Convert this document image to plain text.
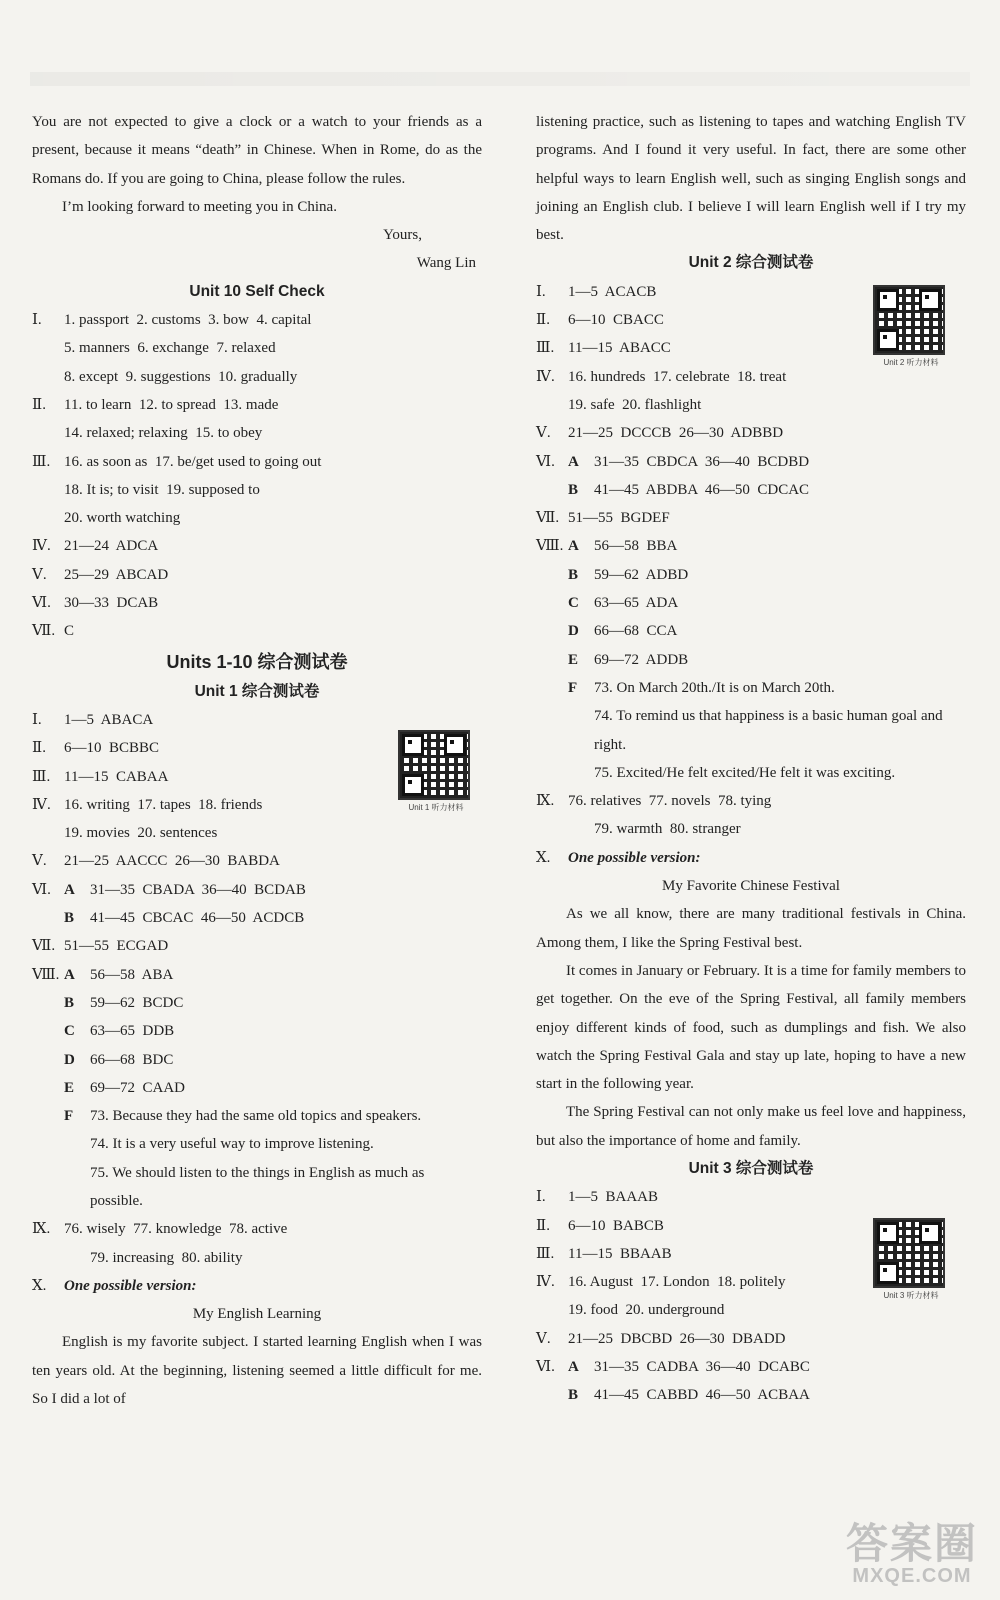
You are not expected to give a clock or a watch to your friends as a present, because it means “death” in Chinese. When in Rome, do as the Romans do. If you are going to China, please follow the rules.
I’m looking forward to meeting you in China.
Yours,
Wang Lin
Unit 10 Self Check
Ⅰ. 1. passport  2. customs  3. bow  4. capital
5. manners  6. exchange  7. relaxed
8. except  9. suggestions  10. gradually
Ⅱ. 11. to learn  12. to spread  13. made
14. relaxed; relaxing  15. to obey
Ⅲ. 16. as soon as  17. be/get used to going out
18. It is; to visit  19. supposed to
20. worth watching
Ⅳ. 21—24  ADCA
Ⅴ. 25—29  ABCAD
Ⅵ. 30—33  DCAB
Ⅶ. C
Units 1-10 综合测试卷
Unit 1 综合测试卷
Ⅰ. 1—5  ABACA
Ⅱ. 6—10  BCBBC
Ⅲ. 11—15  CABAA
Ⅳ. 16. writing  17. tapes  18. friends
19. movies  20. sentences
Ⅴ. 21—25  AACCC  26—30  BABDA
Ⅵ. A 31—35  CBADA  36—40  BCDAB
B 41—45  CBCAC  46—50  ACDCB
Ⅶ. 51—55  ECGAD
Ⅷ. A 56—58  ABA
B 59—62  BCDC
C 63—65  DDB
D 66—68  BDC
E 69—72  CAAD
F 73. Because they had the same old topics and speakers.
74. It is a very useful way to improve listening.
75. We should listen to the things in English as much as
possible.
Ⅸ. 76. wisely  77. knowledge  78. active
79. increasing  80. ability
Ⅹ. One possible version:
My English Learning
English is my favorite subject. I started learning English when I was ten years old. At the beginning, listening seemed a little difficult for me. So I did a lot of
Unit 1 听力材料
listening practice, such as listening to tapes and watching English TV programs. And I found it very useful. In fact, there are some other helpful ways to learn English well, such as singing English songs and joining an English club. I believe I will learn English well if I try my best.
Unit 2 综合测试卷
Ⅰ. 1—5  ACACB
Ⅱ. 6—10  CBACC
Ⅲ. 11—15  ABACC
Ⅳ. 16. hundreds  17. celebrate  18. treat
19. safe  20. flashlight
Ⅴ. 21—25  DCCCB  26—30  ADBBD
Ⅵ. A 31—35  CBDCA  36—40  BCDBD
B 41—45  ABDBA  46—50  CDCAC
Ⅶ. 51—55  BGDEF
Ⅷ. A 56—58  BBA
B 59—62  ADBD
C 63—65  ADA
D 66—68  CCA
E 69—72  ADDB
F 73. On March 20th./It is on March 20th.
74. To remind us that happiness is a basic human goal and
right.
75. Excited/He felt excited/He felt it was exciting.
Ⅸ. 76. relatives  77. novels  78. tying
79. warmth  80. stranger
Ⅹ. One possible version:
My Favorite Chinese Festival
As we all know, there are many traditional festivals in China. Among them, I like the Spring Festival best.
It comes in January or February. It is a time for family members to get together. On the eve of the Spring Festival, all family members enjoy different kinds of food, such as dumplings and fish. We also watch the Spring Festival Gala and stay up late, hoping to have a new start in the following year.
The Spring Festival can not only make us feel love and happiness, but also the importance of home and family.
Unit 3 综合测试卷
Ⅰ. 1—5  BAAAB
Ⅱ. 6—10  BABCB
Ⅲ. 11—15  BBAAB
Ⅳ. 16. August  17. London  18. politely
19. food  20. underground
Ⅴ. 21—25  DBCBD  26—30  DBADD
Ⅵ. A 31—35  CADBA  36—40  DCABC
B 41—45  CABBD  46—50  ACBAA
Unit 2 听力材料
Unit 3 听力材料
答案圈
MXQE.COM
